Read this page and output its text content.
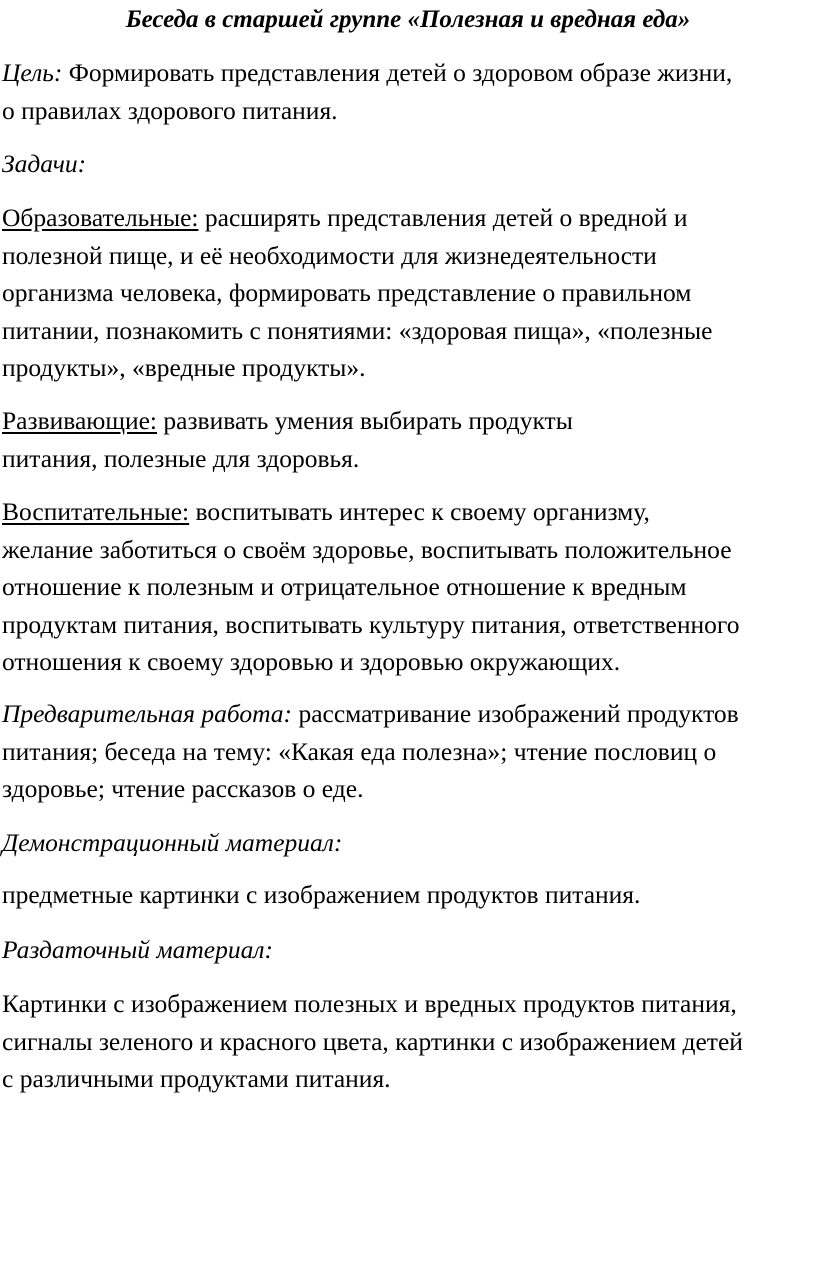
Беседа в старшей группе «Полезная и вредная еда»

Цель: Формировать представления детей о здоровом образе жизни,
о правилах здорового питания.

Задачи:

Образовательные: расширять представления детей о вредной и
полезной пище, и её необходимости для жизнедеятельности
организма человека, формировать представление о правильном
питании, познакомить с понятиями: «здоровая пища», «полезные
продукты», «вредные продукты».

Развивающие: развивать умения выбирать продукты
питания, полезные для здоровья.

Воспитательные: воспитывать интерес к своему организму,
желание заботиться о своём здоровье, воспитывать положительное
отношение к полезным и отрицательное отношение к вредным
продуктам питания, воспитывать культуру питания, ответственного
отношения к своему здоровью и здоровью окружающих.

Предварительная работа: рассматривание изображений продуктов
питания; беседа на тему: «Какая еда полезна»; чтение пословиц о
здоровье; чтение рассказов о еде.

Демонстрационный материал:

предметные картинки с изображением продуктов питания.

Раздаточный материал:

Картинки с изображением полезных и вредных продуктов питания,
сигналы зеленого и красного цвета, картинки с изображением детей
с различными продуктами питания.
